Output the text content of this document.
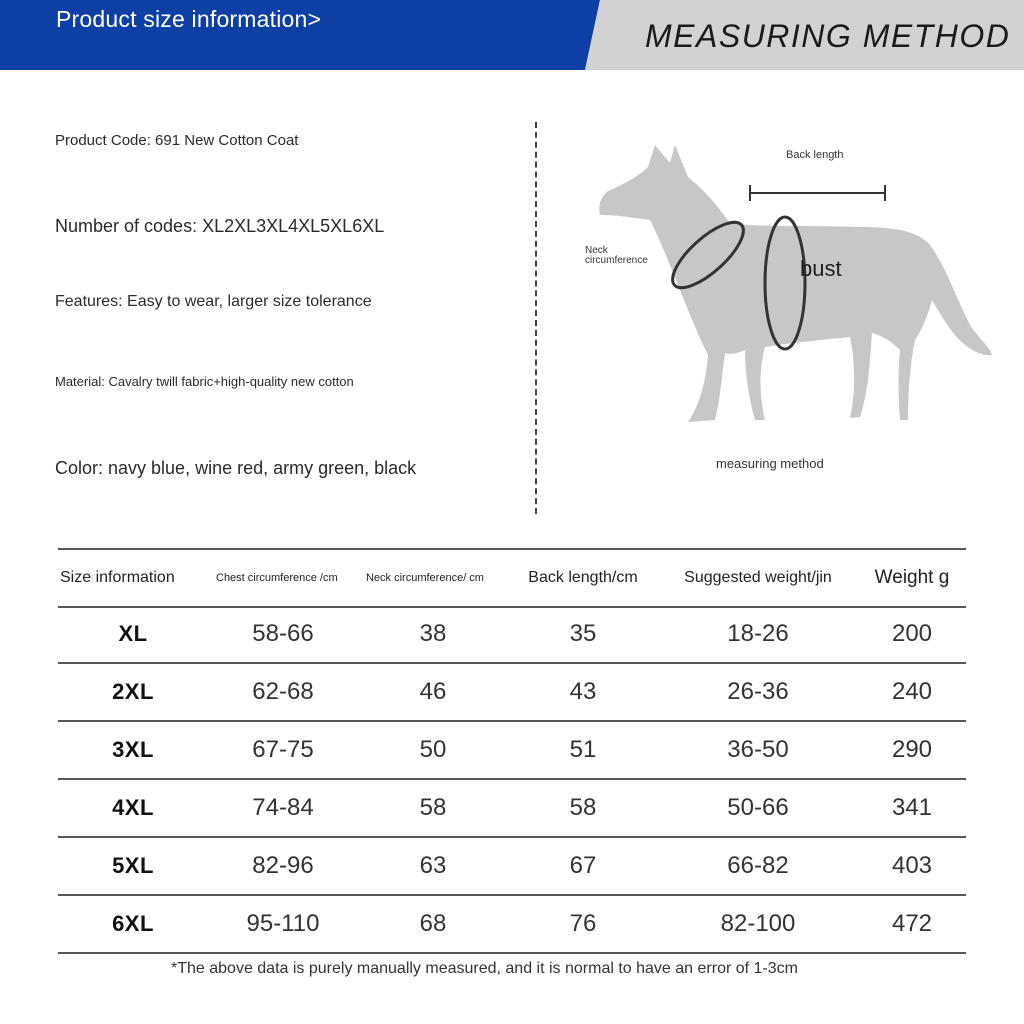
Product size information>	MEASURING METHOD
Product Code: 691 New Cotton Coat
Number of codes: XL2XL3XL4XL5XL6XL
Features: Easy to wear, larger size tolerance
Material: Cavalry twill fabric+high-quality new cotton
Color: navy blue, wine red, army green, black
Back length
Neck circumference	bust
measuring method
Size information	Chest circumference /cm	Neck circumference/ cm	Back length/cm	Suggested weight/jin	Weight g
XL	58-66	38	35	18-26	200
2XL	62-68	46	43	26-36	240
3XL	67-75	50	51	36-50	290
4XL	74-84	58	58	50-66	341
5XL	82-96	63	67	66-82	403
6XL	95-110	68	76	82-100	472
*The above data is purely manually measured, and it is normal to have an error of 1-3cm
